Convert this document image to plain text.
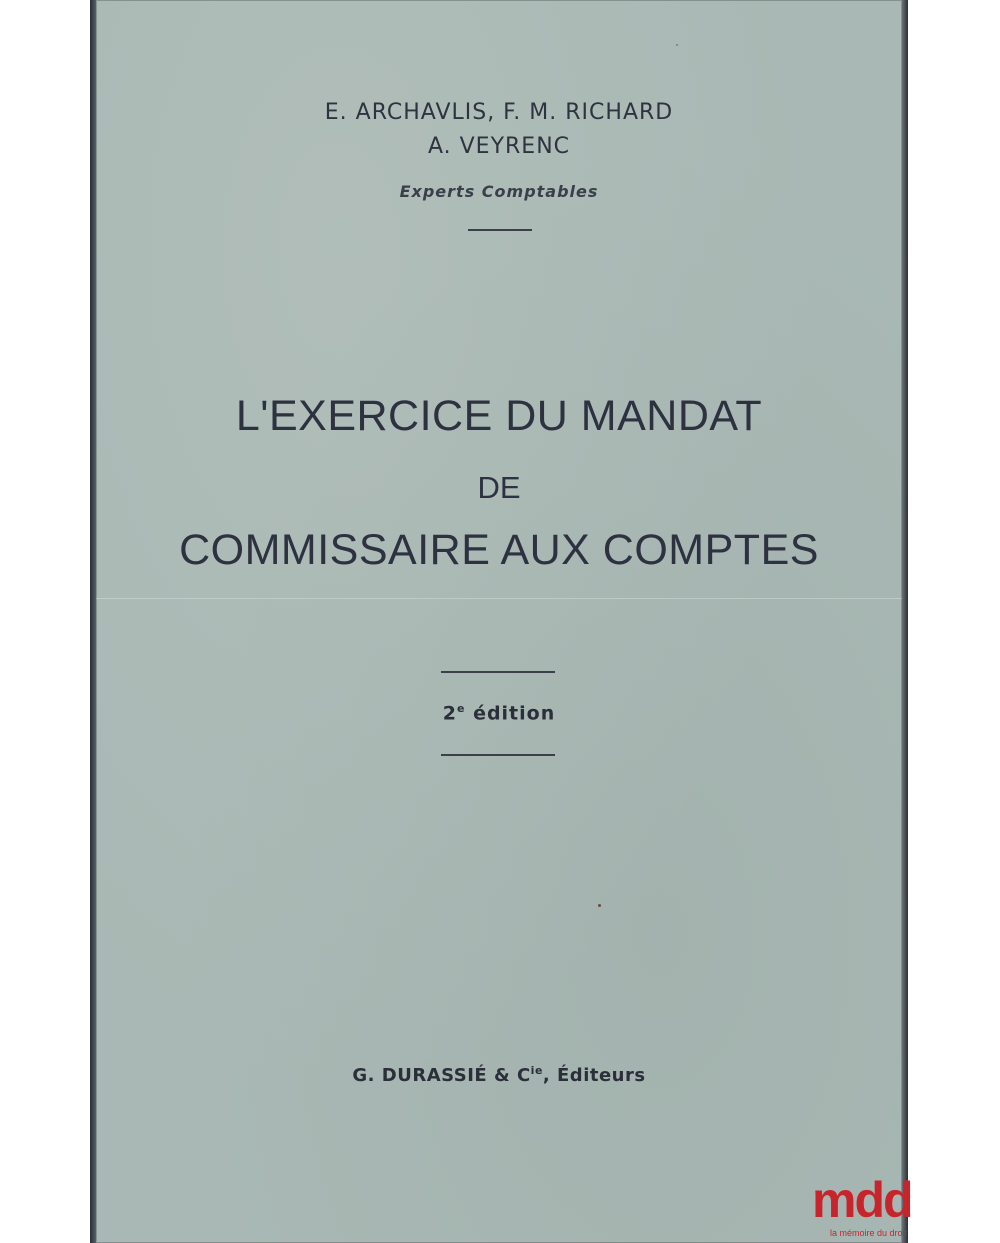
E. ARCHAVLIS, F. M. RICHARD
A. VEYRENC
Experts Comptables
L'EXERCICE DU MANDAT
DE
COMMISSAIRE AUX COMPTES
2e édition
G. DURASSIÉ & $C^{ie}$, Éditeurs
mdd
la mémoire du droit
